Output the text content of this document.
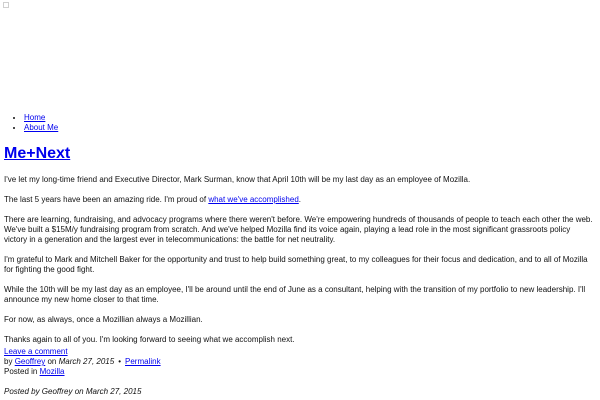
• Home
• About Me
Me+Next

I've let my long-time friend and Executive Director, Mark Surman, know that April 10th will be my last day as an employee of Mozilla.

The last 5 years have been an amazing ride. I'm proud of what we've accomplished.

There are learning, fundraising, and advocacy programs where there weren't before. We're empowering hundreds of thousands of people to teach each other the web. We've built a $15M/y fundraising program from scratch. And we've helped Mozilla find its voice again, playing a lead role in the most significant grassroots policy victory in a generation and the largest ever in telecommunications: the battle for net neutrality.

I'm grateful to Mark and Mitchell Baker for the opportunity and trust to help build something great, to my colleagues for their focus and dedication, and to all of Mozilla for fighting the good fight.

While the 10th will be my last day as an employee, I'll be around until the end of June as a consultant, helping with the transition of my portfolio to new leadership. I'll announce my new home closer to that time.

For now, as always, once a Mozillian always a Mozillian.

Thanks again to all of you. I'm looking forward to seeing what we accomplish next.

Leave a comment
by Geoffrey on March 27, 2015 • Permalink
Posted in Mozilla
Posted by Geoffrey on March 27, 2015
